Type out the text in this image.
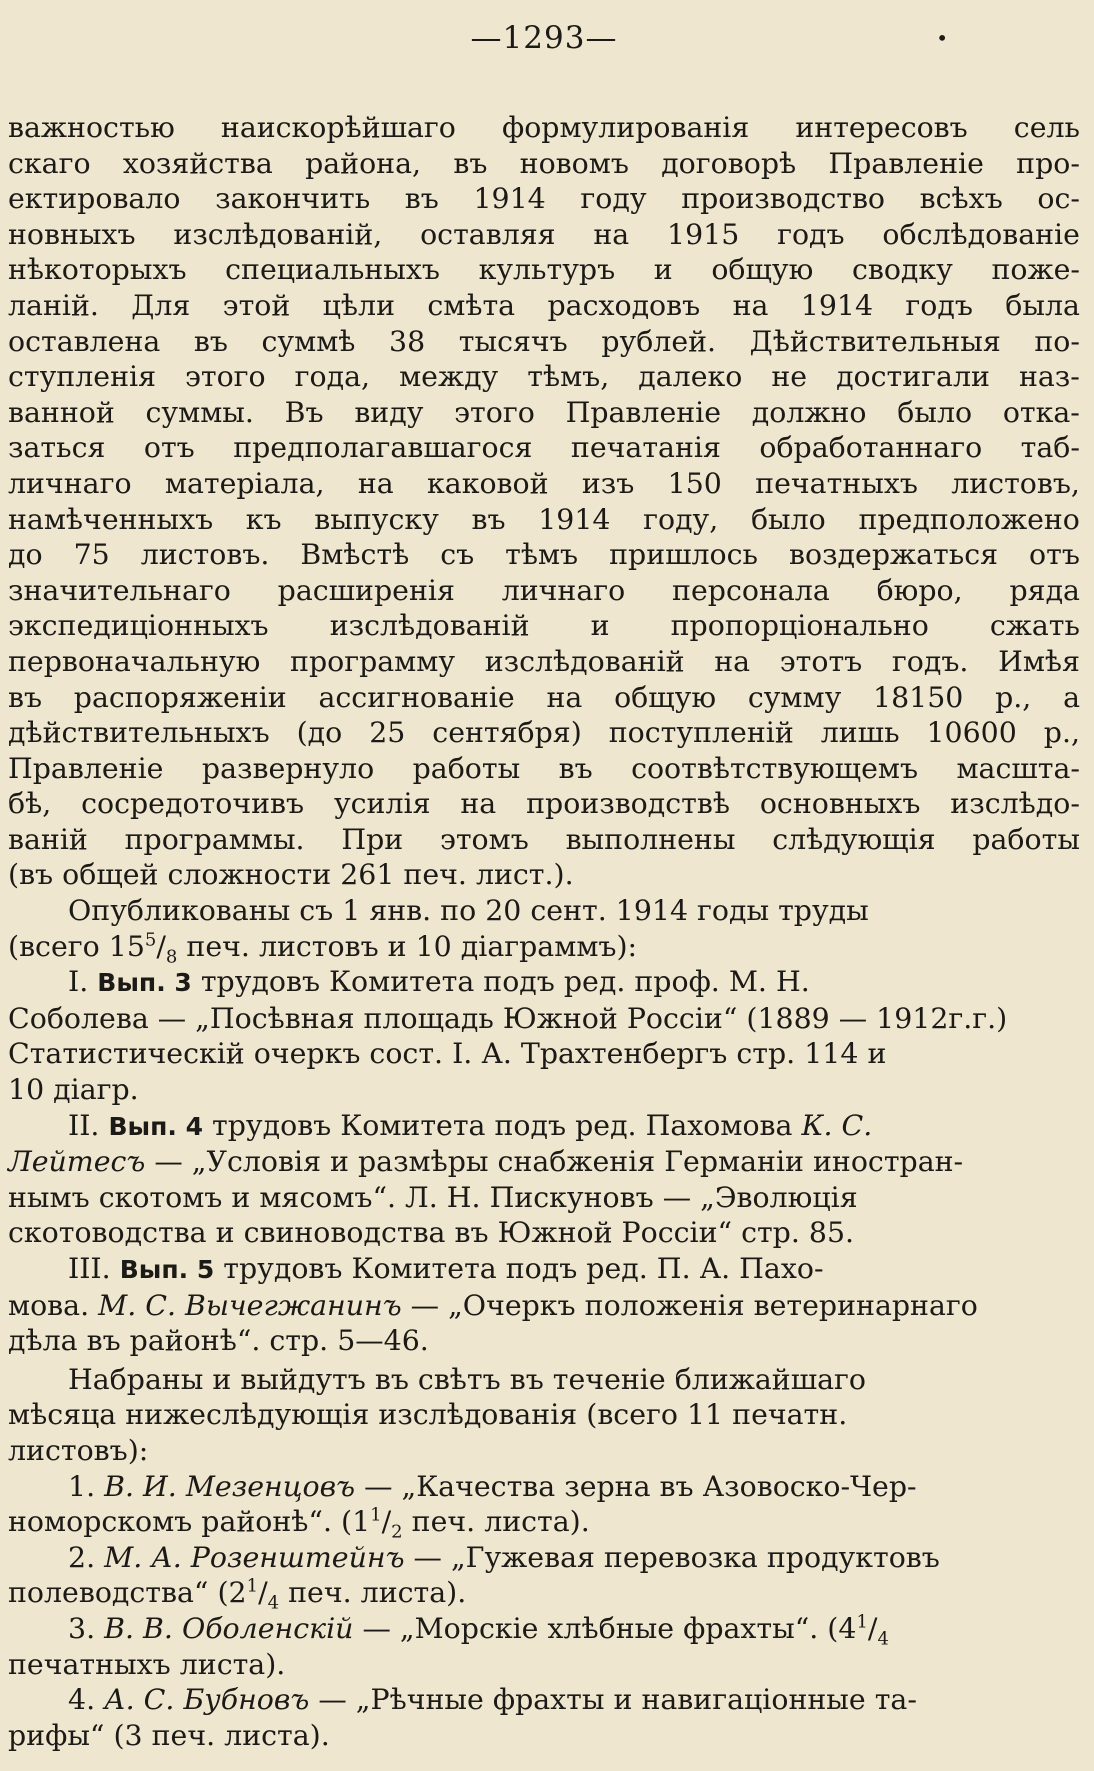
—1293—	•
важностью наискорѣйшаго формулированія интересовъ сель
скаго хозяйства района, въ новомъ договорѣ Правленіе про-
ектировало закончить въ 1914 году производство всѣхъ ос-
новныхъ изслѣдованій, оставляя на 1915 годъ обслѣдованіе
нѣкоторыхъ специальныхъ культуръ и общую сводку поже-
ланій. Для этой цѣли смѣта расходовъ на 1914 годъ была
оставлена въ суммѣ 38 тысячъ рублей. Дѣйствительныя по-
ступленія этого года, между тѣмъ, далеко не достигали наз-
ванной суммы. Въ виду этого Правленіе должно было отка-
заться отъ предполагавшагося печатанія обработаннаго таб-
личнаго матеріала, на каковой изъ 150 печатныхъ листовъ,
намѣченныхъ къ выпуску въ 1914 году, было предположено
до 75 листовъ. Вмѣстѣ съ тѣмъ пришлось воздержаться отъ
значительнаго расширенія личнаго персонала бюро, ряда
экспедиціонныхъ изслѣдованій и пропорціонально сжать
первоначальную программу изслѣдованій на этотъ годъ. Имѣя
въ распоряженіи ассигнованіе на общую сумму 18150 р., а
дѣйствительныхъ (до 25 сентября) поступленій лишь 10600 р.,
Правленіе развернуло работы въ соотвѣтствующемъ масшта-
бѣ, сосредоточивъ усилія на производствѣ основныхъ изслѣдо-
ваній программы. При этомъ выполнены слѣдующія работы

(въ общей сложности 261 печ. лист.).

Опубликованы съ 1 янв. по 20 сент. 1914 годы труды
(всего $15^5/_8$ печ. листовъ и 10 діаграммъ):

I. Вып. 3 трудовъ Комитета подъ ред. проф. М. Н.
Соболева — „Посѣвная площадь Южной Россіи“ (1889 — 1912г.г.)
Статистическій очеркъ сост. І. А. Трахтенбергъ стр. 114 и
10 діагр.

II. Вып. 4 трудовъ Комитета подъ ред. Пахомова К. С.
Лейтесъ — „Условія и размѣры снабженія Германіи иностран-
нымъ скотомъ и мясомъ“. Л. Н. Пискуновъ — „Эволюція
скотоводства и свиноводства въ Южной Россіи“ стр. 85.

III. Вып. 5 трудовъ Комитета подъ ред. П. А. Пахо-
мова. М. С. Вычегжанинъ — „Очеркъ положенія ветеринарнаго
дѣла въ районѣ“. стр. 5—46.

Набраны и выйдутъ въ свѣтъ въ теченіе ближайшаго
мѣсяца нижеслѣдующія изслѣдованія (всего 11 печатн.
листовъ):

1. В. И. Мезенцовъ — „Качества зерна въ Азовоско-Чер-
номорскомъ районѣ“. ($1^1/_2$ печ. листа).

2. М. А. Розенштейнъ — „Гужевая перевозка продуктовъ
полеводства“ ($2^1/_4$ печ. листа).

3. В. В. Оболенскій — „Морскіе хлѣбные фрахты“. ($4^1/_4$
печатныхъ листа).

4. А. С. Бубновъ — „Рѣчные фрахты и навигаціонные та-
рифы“ (3 печ. листа).
